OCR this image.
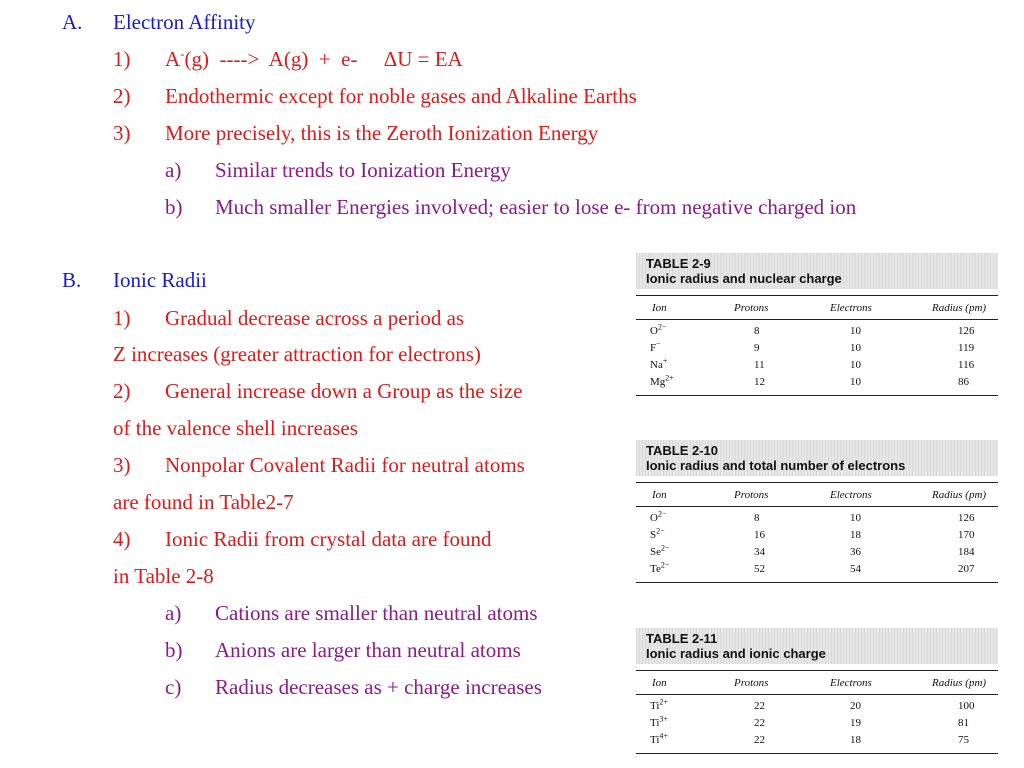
A. Electron Affinity
1) A-(g)  ---->  A(g)  +  e-     ΔU = EA
2) Endothermic except for noble gases and Alkaline Earths
3) More precisely, this is the Zeroth Ionization Energy
a) Similar trends to Ionization Energy
b) Much smaller Energies involved; easier to lose e- from negative charged ion
B. Ionic Radii
1) Gradual decrease across a period as
Z increases (greater attraction for electrons)
2) General increase down a Group as the size
of the valence shell increases
3) Nonpolar Covalent Radii for neutral atoms
are found in Table2-7
4) Ionic Radii from crystal data are found
in Table 2-8
a) Cations are smaller than neutral atoms
b) Anions are larger than neutral atoms
c) Radius decreases as + charge increases
TABLE 2-9
Ionic radius and nuclear charge
Ion	Protons	Electrons	Radius (pm)
$O^{2-}$	8	10	126
F−	9	10	119
Na+	11	10	116
$Mg^{2+}$	12	10	86
TABLE 2-10
Ionic radius and total number of electrons
Ion	Protons	Electrons	Radius (pm)
$O^{2-}$	8	10	126
$S^{2-}$	16	18	170
$Se^{2-}$	34	36	184
$Te^{2-}$	52	54	207
TABLE 2-11
Ionic radius and ionic charge
Ion	Protons	Electrons	Radius (pm)
$Ti^{2+}$	22	20	100
$Ti^{3+}$	22	19	81
$Ti^{4+}$	22	18	75
